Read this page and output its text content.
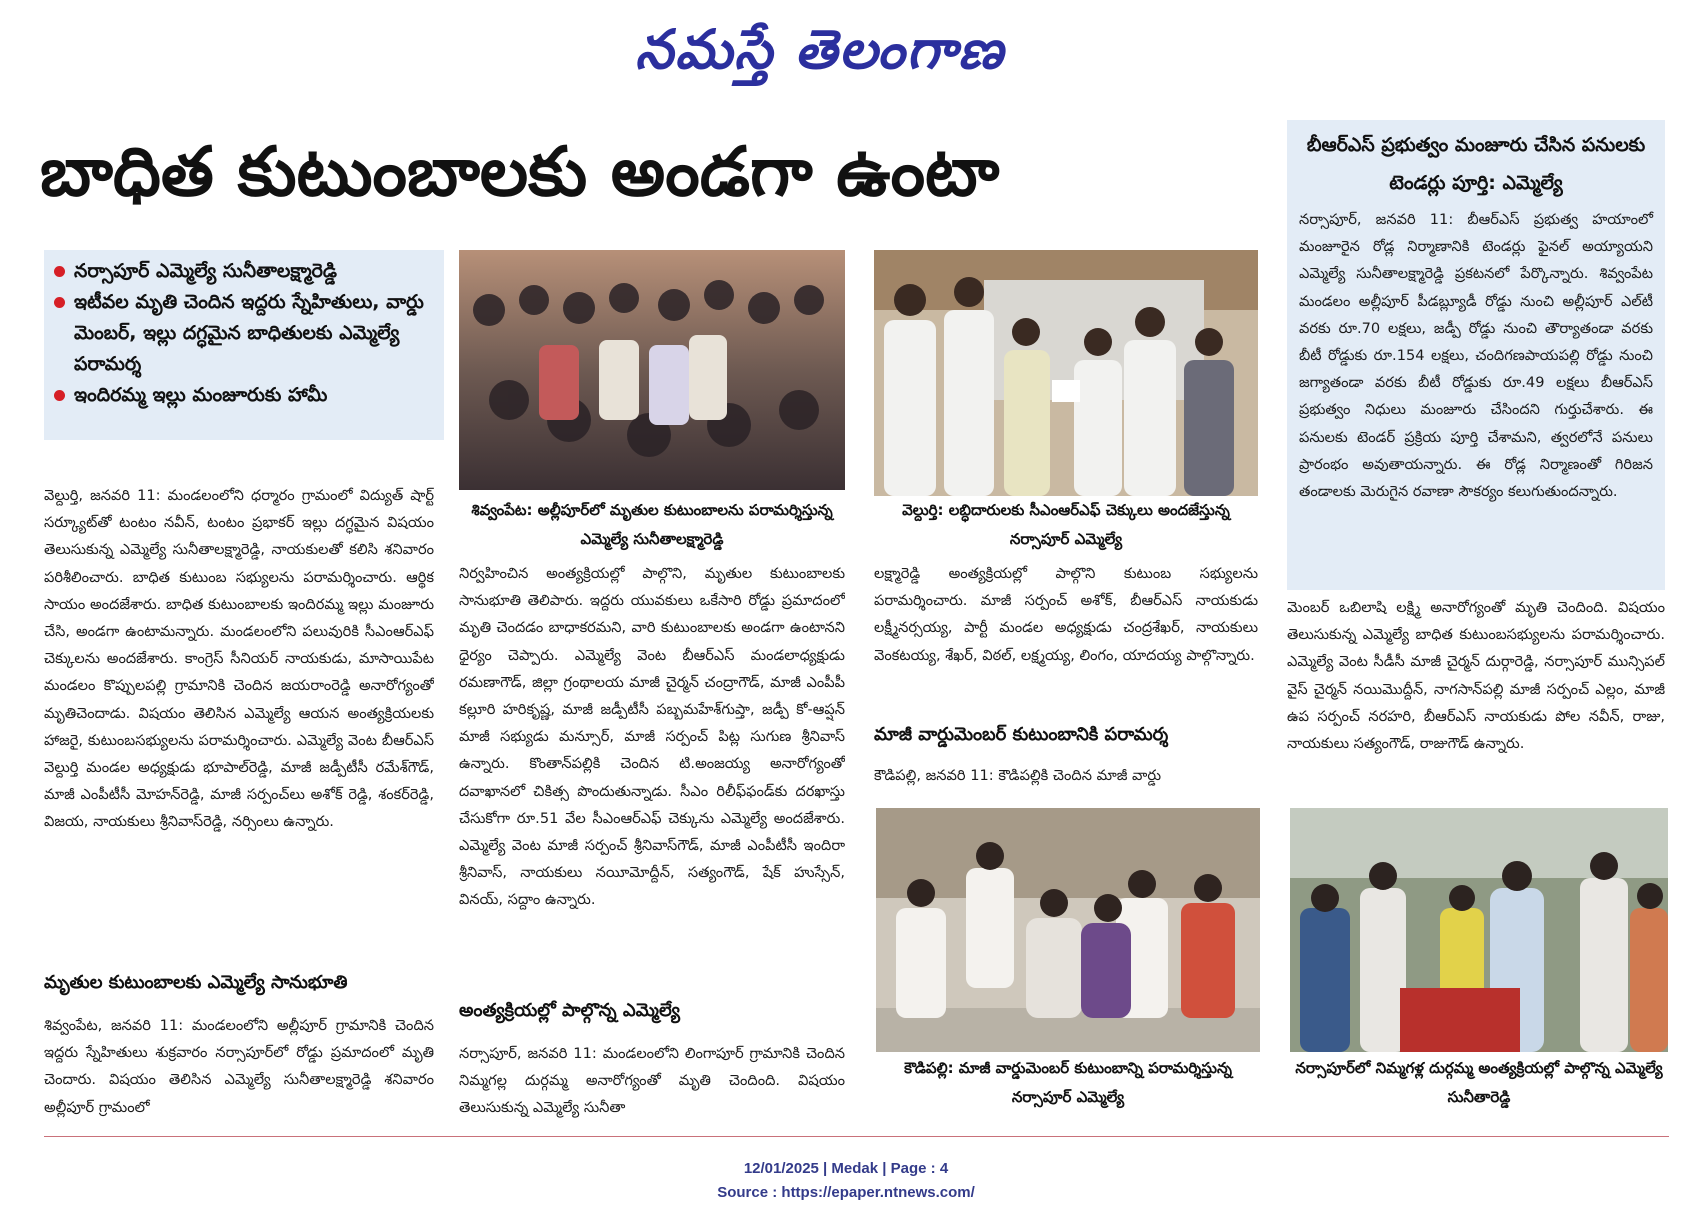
నమస్తే తెలంగాణ
బాధిత కుటుంబాలకు అండగా ఉంటా
నర్సాపూర్ ఎమ్మెల్యే సునీతాలక్ష్మారెడ్డి
ఇటీవల మృతి చెందిన ఇద్దరు స్నేహితులు, వార్డు మెంబర్, ఇల్లు దగ్ధమైన బాధితులకు ఎమ్మెల్యే పరామర్శ
ఇందిరమ్మ ఇల్లు మంజూరుకు హామీ

వెల్దుర్తి, జనవరి 11: మండలంలోని ధర్మారం గ్రామంలో విద్యుత్ షార్ట్ సర్క్యూట్‌తో టంటం నవీన్, టంటం ప్రభాకర్ ఇల్లు దగ్ధమైన విషయం తెలుసుకున్న ఎమ్మెల్యే సునీతాలక్ష్మారెడ్డి, నాయకులతో కలిసి శనివారం పరిశీలించారు. బాధిత కుటుంబ సభ్యులను పరామర్శించారు. ఆర్థిక సాయం అందజేశారు. బాధిత కుటుంబాలకు ఇందిరమ్మ ఇల్లు మంజూరు చేసి, అండగా ఉంటామన్నారు. మండలంలోని పలువురికి సీఎంఆర్ఎఫ్ చెక్కులను అందజేశారు. కాంగ్రెస్ సీనియర్ నాయకుడు, మాసాయిపేట మండలం కొప్పులపల్లి గ్రామానికి చెందిన జయరాంరెడ్డి అనారోగ్యంతో మృతిచెందాడు. విషయం తెలిసిన ఎమ్మెల్యే ఆయన అంత్యక్రియలకు హాజరై, కుటుంబసభ్యులను పరామర్శించారు. ఎమ్మెల్యే వెంట బీఆర్ఎస్ వెల్దుర్తి మండల అధ్యక్షుడు భూపాల్‌రెడ్డి, మాజీ జడ్పీటీసీ రమేశ్‌గౌడ్, మాజీ ఎంపీటీసీ మోహన్‌రెడ్డి, మాజీ సర్పంచ్‌లు అశోక్ రెడ్డి, శంకర్‌రెడ్డి, విజయ, నాయకులు శ్రీనివాస్‌రెడ్డి, నర్సింలు ఉన్నారు.

మృతుల కుటుంబాలకు ఎమ్మెల్యే సానుభూతి

శివ్వంపేట, జనవరి 11: మండలంలోని అల్లీపూర్ గ్రామానికి చెందిన ఇద్దరు స్నేహితులు శుక్రవారం నర్సాపూర్‌లో రోడ్డు ప్రమాదంలో మృతి చెందారు. విషయం తెలిసిన ఎమ్మెల్యే సునీతాలక్ష్మారెడ్డి శనివారం అల్లీపూర్ గ్రామంలో

శివ్వంపేట: అల్లీపూర్‌లో మృతుల కుటుంబాలను పరామర్శిస్తున్న ఎమ్మెల్యే సునీతాలక్ష్మారెడ్డి

నిర్వహించిన అంత్యక్రియల్లో పాల్గొని, మృతుల కుటుంబాలకు సానుభూతి తెలిపారు. ఇద్దరు యువకులు ఒకేసారి రోడ్డు ప్రమాదంలో మృతి చెందడం బాధాకరమని, వారి కుటుంబాలకు అండగా ఉంటానని ధైర్యం చెప్పారు. ఎమ్మెల్యే వెంట బీఆర్ఎస్ మండలాధ్యక్షుడు రమణాగౌడ్, జిల్లా గ్రంథాలయ మాజీ చైర్మన్ చంద్రాగౌడ్, మాజీ ఎంపీపీ కల్లూరి హరికృష్ణ, మాజీ జడ్పీటీసీ పబ్బమహేశ్‌గుప్తా, జడ్పీ కో-ఆప్షన్ మాజీ సభ్యుడు మన్సూర్, మాజీ సర్పంచ్ పిట్ల సుగుణ శ్రీనివాస్ ఉన్నారు. కొంతాన్‌పల్లికి చెందిన టి.అంజయ్య అనారోగ్యంతో దవాఖానలో చికిత్స పొందుతున్నాడు. సీఎం రిలీఫ్‌ఫండ్‌కు దరఖాస్తు చేసుకోగా రూ.51 వేల సీఎంఆర్ఎఫ్ చెక్కును ఎమ్మెల్యే అందజేశారు. ఎమ్మెల్యే వెంట మాజీ సర్పంచ్ శ్రీనివాస్‌గౌడ్, మాజీ ఎంపీటీసీ ఇందిరా శ్రీనివాస్, నాయకులు నయీమోద్దీన్, సత్యంగౌడ్, షేక్ హుస్సేన్, వినయ్, సద్దాం ఉన్నారు.

అంత్యక్రియల్లో పాల్గొన్న ఎమ్మెల్యే

నర్సాపూర్, జనవరి 11: మండలంలోని లింగాపూర్ గ్రామానికి చెందిన నిమ్మగల్ల దుర్గమ్మ అనారోగ్యంతో మృతి చెందింది. విషయం తెలుసుకున్న ఎమ్మెల్యే సునీతా

వెల్దుర్తి: లబ్ధిదారులకు సీఎంఆర్ఎఫ్ చెక్కులు అందజేస్తున్న నర్సాపూర్ ఎమ్మెల్యే

లక్ష్మారెడ్డి అంత్యక్రియల్లో పాల్గొని కుటుంబ సభ్యులను పరామర్శించారు. మాజీ సర్పంచ్ అశోక్, బీఆర్ఎస్ నాయకుడు లక్ష్మీనర్సయ్య, పార్టీ మండల అధ్యక్షుడు చంద్రశేఖర్, నాయకులు వెంకటయ్య, శేఖర్, విఠల్, లక్ష్మయ్య, లింగం, యాదయ్య పాల్గొన్నారు.

మాజీ వార్డుమెంబర్ కుటుంబానికి పరామర్శ

కౌడిపల్లి, జనవరి 11: కౌడిపల్లికి చెందిన మాజీ వార్డు

కౌడిపల్లి: మాజీ వార్డుమెంబర్ కుటుంబాన్ని పరామర్శిస్తున్న నర్సాపూర్ ఎమ్మెల్యే
బీఆర్ఎస్ ప్రభుత్వం మంజూరు చేసిన పనులకు టెండర్లు పూర్తి: ఎమ్మెల్యే
నర్సాపూర్, జనవరి 11: బీఆర్ఎస్ ప్రభుత్వ హయాంలో మంజూరైన రోడ్ల నిర్మాణానికి టెండర్లు ఫైనల్ అయ్యాయని ఎమ్మెల్యే సునీతాలక్ష్మారెడ్డి ప్రకటనలో పేర్కొన్నారు. శివ్వంపేట మండలం అల్లీపూర్ పీడబ్ల్యూడీ రోడ్డు నుంచి అల్లీపూర్ ఎల్‌టీ వరకు రూ.70 లక్షలు, జడ్పీ రోడ్డు నుంచి తౌర్యాతండా వరకు బీటీ రోడ్డుకు రూ.154 లక్షలు, చందిగణపాయపల్లి రోడ్డు నుంచి జగ్యాతండా వరకు బీటీ రోడ్డుకు రూ.49 లక్షలు బీఆర్ఎస్ ప్రభుత్వం నిధులు మంజూరు చేసిందని గుర్తుచేశారు. ఈ పనులకు టెండర్ ప్రక్రియ పూర్తి చేశామని, త్వరలోనే పనులు ప్రారంభం అవుతాయన్నారు. ఈ రోడ్ల నిర్మాణంతో గిరిజన తండాలకు మెరుగైన రవాణా సౌకర్యం కలుగుతుందన్నారు.

మెంబర్ ఒబిలాషి లక్ష్మి అనారోగ్యంతో మృతి చెందింది. విషయం తెలుసుకున్న ఎమ్మెల్యే బాధిత కుటుంబసభ్యులను పరామర్శించారు. ఎమ్మెల్యే వెంట సీడీసీ మాజీ చైర్మన్ దుర్గారెడ్డి, నర్సాపూర్ మున్సిపల్ వైస్ చైర్మన్ నయిమొద్దీన్, నాగసాన్‌పల్లి మాజీ సర్పంచ్ ఎల్లం, మాజీ ఉప సర్పంచ్ నరహరి, బీఆర్ఎస్ నాయకుడు పోల నవీన్, రాజు, నాయకులు సత్యంగౌడ్, రాజుగౌడ్ ఉన్నారు.

నర్సాపూర్‌లో నిమ్మగళ్ల దుర్గమ్మ అంత్యక్రియల్లో పాల్గొన్న ఎమ్మెల్యే సునీతారెడ్డి
12/01/2025 | Medak | Page : 4
Source : https://epaper.ntnews.com/
